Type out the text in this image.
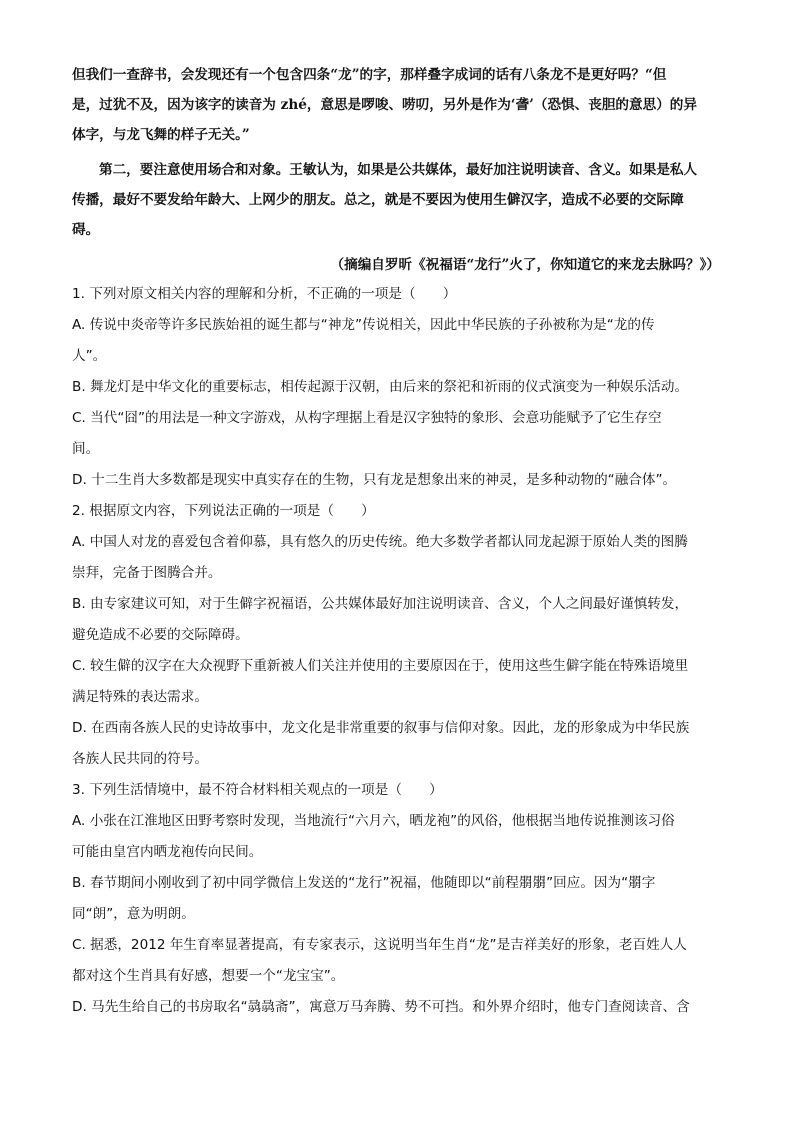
但我们一查辞书，会发现还有一个包含四条“龙”的字，那样叠字成词的话有八条龙不是更好吗？“但
是，过犹不及，因为该字的读音为 zhé，意思是啰唆、唠叨，另外是作为‘詟’（恐惧、丧胆的意思）的异
体字，与龙飞舞的样子无关。”
第二，要注意使用场合和对象。王敏认为，如果是公共媒体，最好加注说明读音、含义。如果是私人
传播，最好不要发给年龄大、上网少的朋友。总之，就是不要因为使用生僻汉字，造成不必要的交际障
碍。
（摘编自罗昕《祝福语“龙行”火了，你知道它的来龙去脉吗？》）
1. 下列对原文相关内容的理解和分析，不正确的一项是（　　）
A. 传说中炎帝等许多民族始祖的诞生都与“神龙”传说相关，因此中华民族的子孙被称为是“龙的传
人”。
B. 舞龙灯是中华文化的重要标志，相传起源于汉朝，由后来的祭祀和祈雨的仪式演变为一种娱乐活动。
C. 当代“囧”的用法是一种文字游戏，从构字理据上看是汉字独特的象形、会意功能赋予了它生存空
间。
D. 十二生肖大多数都是现实中真实存在的生物，只有龙是想象出来的神灵，是多种动物的“融合体”。
2. 根据原文内容，下列说法正确的一项是（　　）
A. 中国人对龙的喜爱包含着仰慕，具有悠久的历史传统。绝大多数学者都认同龙起源于原始人类的图腾
崇拜，完备于图腾合并。
B. 由专家建议可知，对于生僻字祝福语，公共媒体最好加注说明读音、含义，个人之间最好谨慎转发，
避免造成不必要的交际障碍。
C. 较生僻的汉字在大众视野下重新被人们关注并使用的主要原因在于，使用这些生僻字能在特殊语境里
满足特殊的表达需求。
D. 在西南各族人民的史诗故事中，龙文化是非常重要的叙事与信仰对象。因此，龙的形象成为中华民族
各族人民共同的符号。
3. 下列生活情境中，最不符合材料相关观点的一项是（　　）
A. 小张在江淮地区田野考察时发现，当地流行“六月六，晒龙袍”的风俗，他根据当地传说推测该习俗
可能由皇宫内晒龙袍传向民间。
B. 春节期间小刚收到了初中同学微信上发送的“龙行”祝福，他随即以“前程朤朤”回应。因为“朤字
同“朗”，意为明朗。
C. 据悉，2012 年生育率显著提高，有专家表示，这说明当年生肖“龙”是吉祥美好的形象，老百姓人人
都对这个生肖具有好感，想要一个“龙宝宝”。
D. 马先生给自己的书房取名“骉骉斋”，寓意万马奔腾、势不可挡。和外界介绍时，他专门查阅读音、含
